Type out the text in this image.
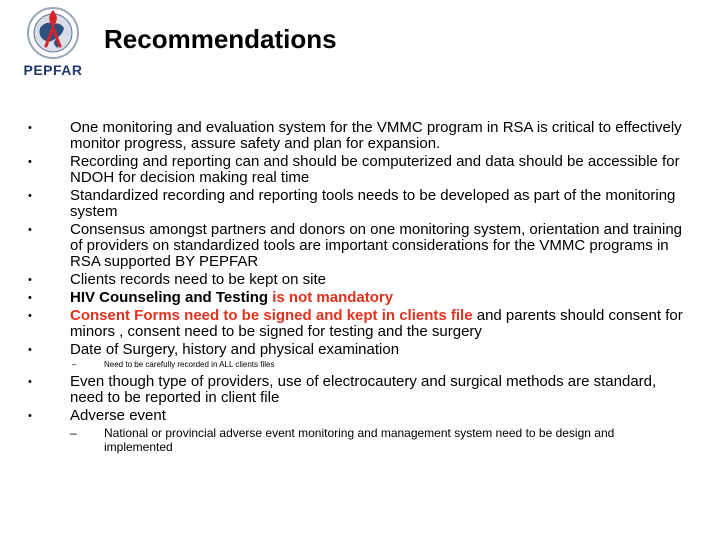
PEPFAR
Recommendations
•	One monitoring and evaluation system for the VMMC program in RSA is critical to effectively monitor progress, assure safety and plan for expansion.
•	Recording and reporting can and should be computerized and data should be accessible for NDOH for decision making real time
•	Standardized recording and reporting tools needs to be developed as part of the monitoring system
•	Consensus amongst partners and donors on one monitoring system, orientation and training of providers on standardized tools are important considerations for the VMMC programs in RSA supported BY PEPFAR
•	Clients records need to be kept on site
•	HIV Counseling and Testing is not mandatory
•	Consent Forms need to be signed and kept in clients file and parents should consent for minors , consent need to be signed for testing and the surgery
•	Date of Surgery, history and physical examination
–	Need to be carefully recorded in ALL clients files
•	Even though type of providers, use of electrocautery and surgical methods are standard, need to be reported in client file
•	Adverse event
– National or provincial adverse event monitoring and management system need to be design and implemented
